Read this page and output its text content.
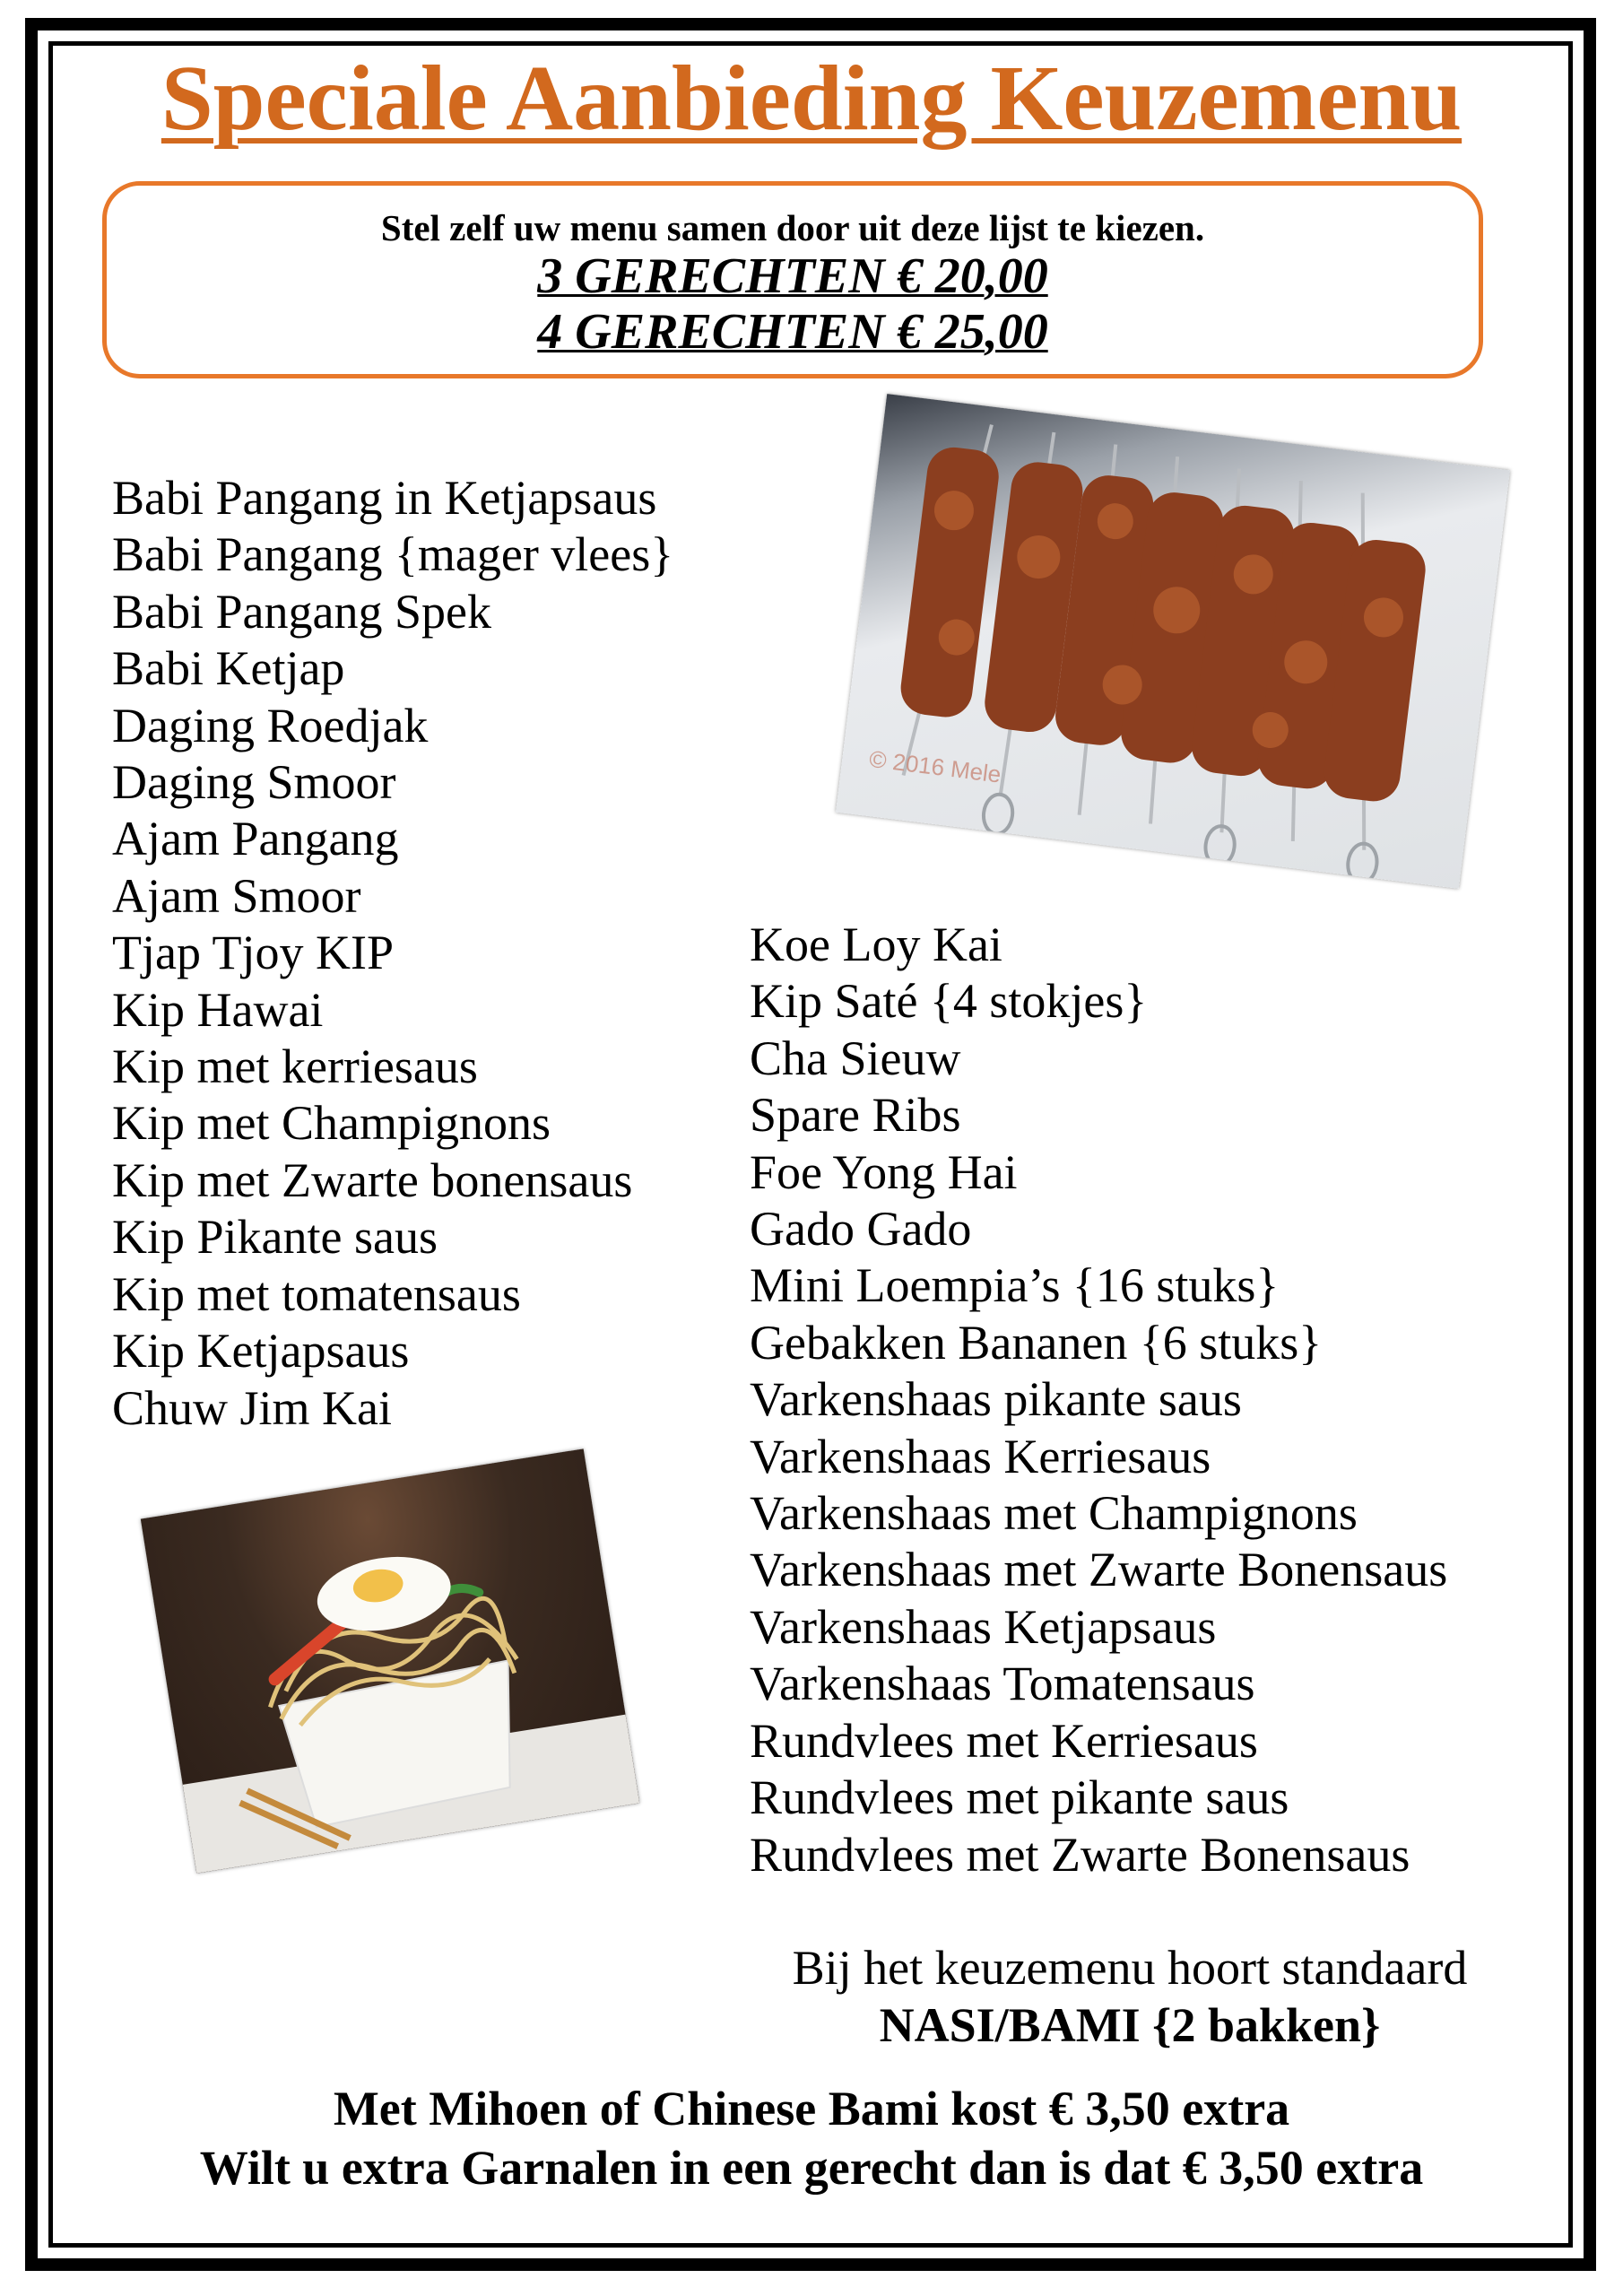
Speciale Aanbieding Keuzemenu
Stel zelf uw menu samen door uit deze lijst te kiezen.
3 GERECHTEN € 20,00
4 GERECHTEN € 25,00
Babi Pangang in Ketjapsaus
Babi Pangang {mager vlees}
Babi Pangang Spek
Babi Ketjap
Daging Roedjak
Daging Smoor
Ajam Pangang
Ajam Smoor
Tjap Tjoy KIP
Kip Hawai
Kip met kerriesaus
Kip met Champignons
Kip met Zwarte bonensaus
Kip Pikante saus
Kip met tomatensaus
Kip Ketjapsaus
Chuw Jim Kai
Koe Loy Kai
Kip Saté {4 stokjes}
Cha Sieuw
Spare Ribs
Foe Yong Hai
Gado Gado
Mini Loempia’s {16 stuks}
Gebakken Bananen {6 stuks}
Varkenshaas pikante saus
Varkenshaas Kerriesaus
Varkenshaas met Champignons
Varkenshaas met Zwarte Bonensaus
Varkenshaas Ketjapsaus
Varkenshaas Tomatensaus
Rundvlees met Kerriesaus
Rundvlees met pikante saus
Rundvlees met Zwarte Bonensaus
© 2016 Mele
Bij het keuzemenu hoort standaard
NASI/BAMI {2 bakken}
Met Mihoen of Chinese Bami kost € 3,50 extra
Wilt u extra Garnalen in een gerecht dan is dat € 3,50 extra
